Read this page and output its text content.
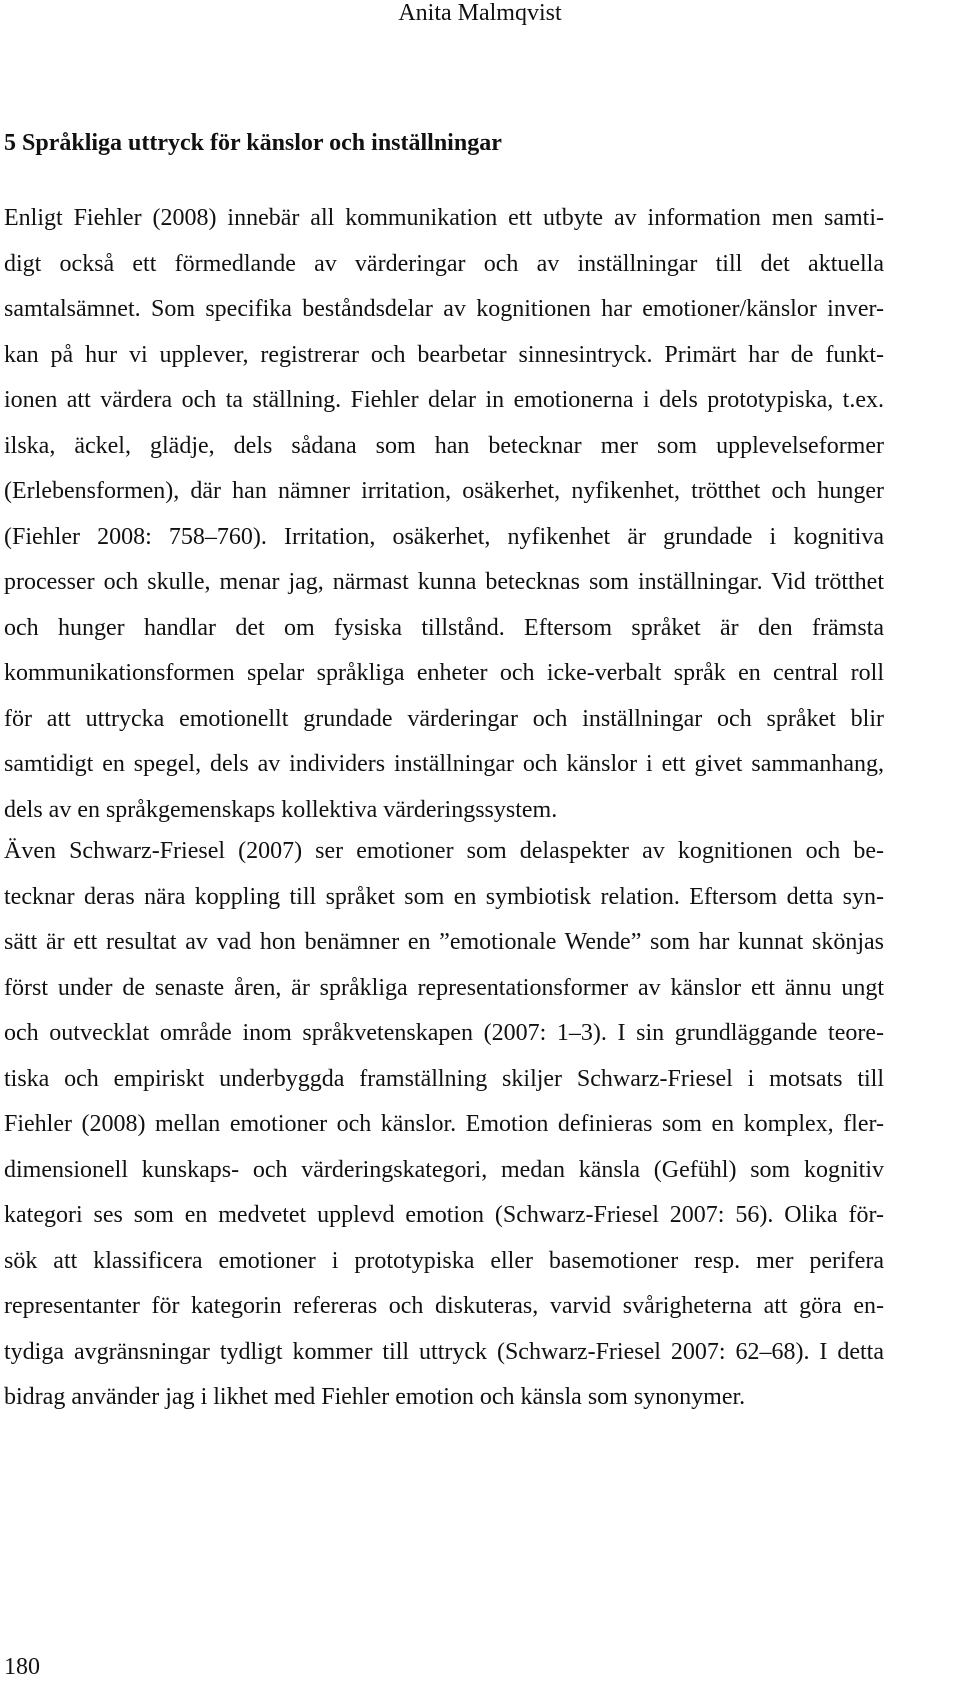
Anita Malmqvist
5 Språkliga uttryck för känslor och inställningar
Enligt Fiehler (2008) innebär all kommunikation ett utbyte av information men samti-
digt också ett förmedlande av värderingar och av inställningar till det aktuella
samtalsämnet. Som specifika beståndsdelar av kognitionen har emotioner/känslor inver-
kan på hur vi upplever, registrerar och bearbetar sinnesintryck. Primärt har de funkt-
ionen att värdera och ta ställning. Fiehler delar in emotionerna i dels prototypiska, t.ex.
ilska, äckel, glädje, dels sådana som han betecknar mer som upplevelseformer
(Erlebensformen), där han nämner irritation, osäkerhet, nyfikenhet, trötthet och hunger
(Fiehler 2008: 758–760). Irritation, osäkerhet, nyfikenhet är grundade i kognitiva
processer och skulle, menar jag, närmast kunna betecknas som inställningar. Vid trötthet
och hunger handlar det om fysiska tillstånd. Eftersom språket är den främsta
kommunikationsformen spelar språkliga enheter och icke-verbalt språk en central roll
för att uttrycka emotionellt grundade värderingar och inställningar och språket blir
samtidigt en spegel, dels av individers inställningar och känslor i ett givet sammanhang,
dels av en språkgemenskaps kollektiva värderingssystem.
Även Schwarz-Friesel (2007) ser emotioner som delaspekter av kognitionen och be-
tecknar deras nära koppling till språket som en symbiotisk relation. Eftersom detta syn-
sätt är ett resultat av vad hon benämner en ”emotionale Wende” som har kunnat skönjas
först under de senaste åren, är språkliga representationsformer av känslor ett ännu ungt
och outvecklat område inom språkvetenskapen (2007: 1–3). I sin grundläggande teore-
tiska och empiriskt underbyggda framställning skiljer Schwarz-Friesel i motsats till
Fiehler (2008) mellan emotioner och känslor. Emotion definieras som en komplex, fler-
dimensionell kunskaps- och värderingskategori, medan känsla (Gefühl) som kognitiv
kategori ses som en medvetet upplevd emotion (Schwarz-Friesel 2007: 56). Olika för-
sök att klassificera emotioner i prototypiska eller basemotioner resp. mer perifera
representanter för kategorin refereras och diskuteras, varvid svårigheterna att göra en-
tydiga avgränsningar tydligt kommer till uttryck (Schwarz-Friesel 2007: 62–68). I detta
bidrag använder jag i likhet med Fiehler emotion och känsla som synonymer.
180
